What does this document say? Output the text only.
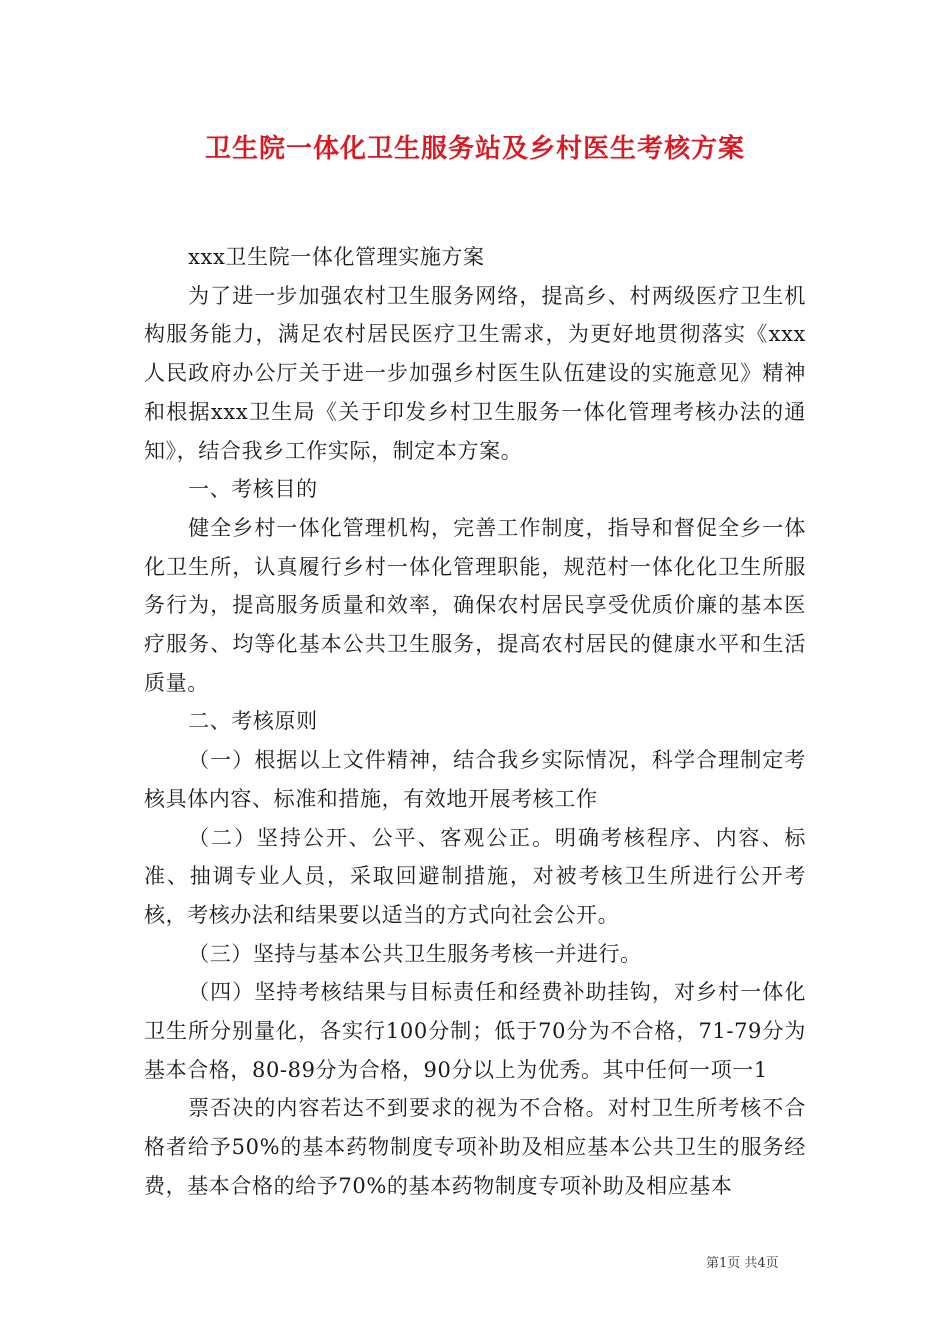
卫生院一体化卫生服务站及乡村医生考核方案

xxx卫生院一体化管理实施方案

为了进一步加强农村卫生服务网络，提高乡、村两级医疗卫生机构服务能力，满足农村居民医疗卫生需求，为更好地贯彻落实《xxx人民政府办公厅关于进一步加强乡村医生队伍建设的实施意见》精神和根据xxx卫生局《关于印发乡村卫生服务一体化管理考核办法的通知》，结合我乡工作实际，制定本方案。

一、考核目的

健全乡村一体化管理机构，完善工作制度，指导和督促全乡一体化卫生所，认真履行乡村一体化管理职能，规范村一体化化卫生所服务行为，提高服务质量和效率，确保农村居民享受优质价廉的基本医疗服务、均等化基本公共卫生服务，提高农村居民的健康水平和生活质量。

二、考核原则

（一）根据以上文件精神，结合我乡实际情况，科学合理制定考核具体内容、标准和措施，有效地开展考核工作

（二）坚持公开、公平、客观公正。明确考核程序、内容、标准、抽调专业人员，采取回避制措施，对被考核卫生所进行公开考核，考核办法和结果要以适当的方式向社会公开。

（三）坚持与基本公共卫生服务考核一并进行。

（四）坚持考核结果与目标责任和经费补助挂钩，对乡村一体化卫生所分别量化，各实行100分制；低于70分为不合格，71-79分为基本合格，80-89分为合格，90分以上为优秀。其中任何一项一1

票否决的内容若达不到要求的视为不合格。对村卫生所考核不合格者给予50%的基本药物制度专项补助及相应基本公共卫生的服务经费，基本合格的给予70%的基本药物制度专项补助及相应基本

第1页 共4页
